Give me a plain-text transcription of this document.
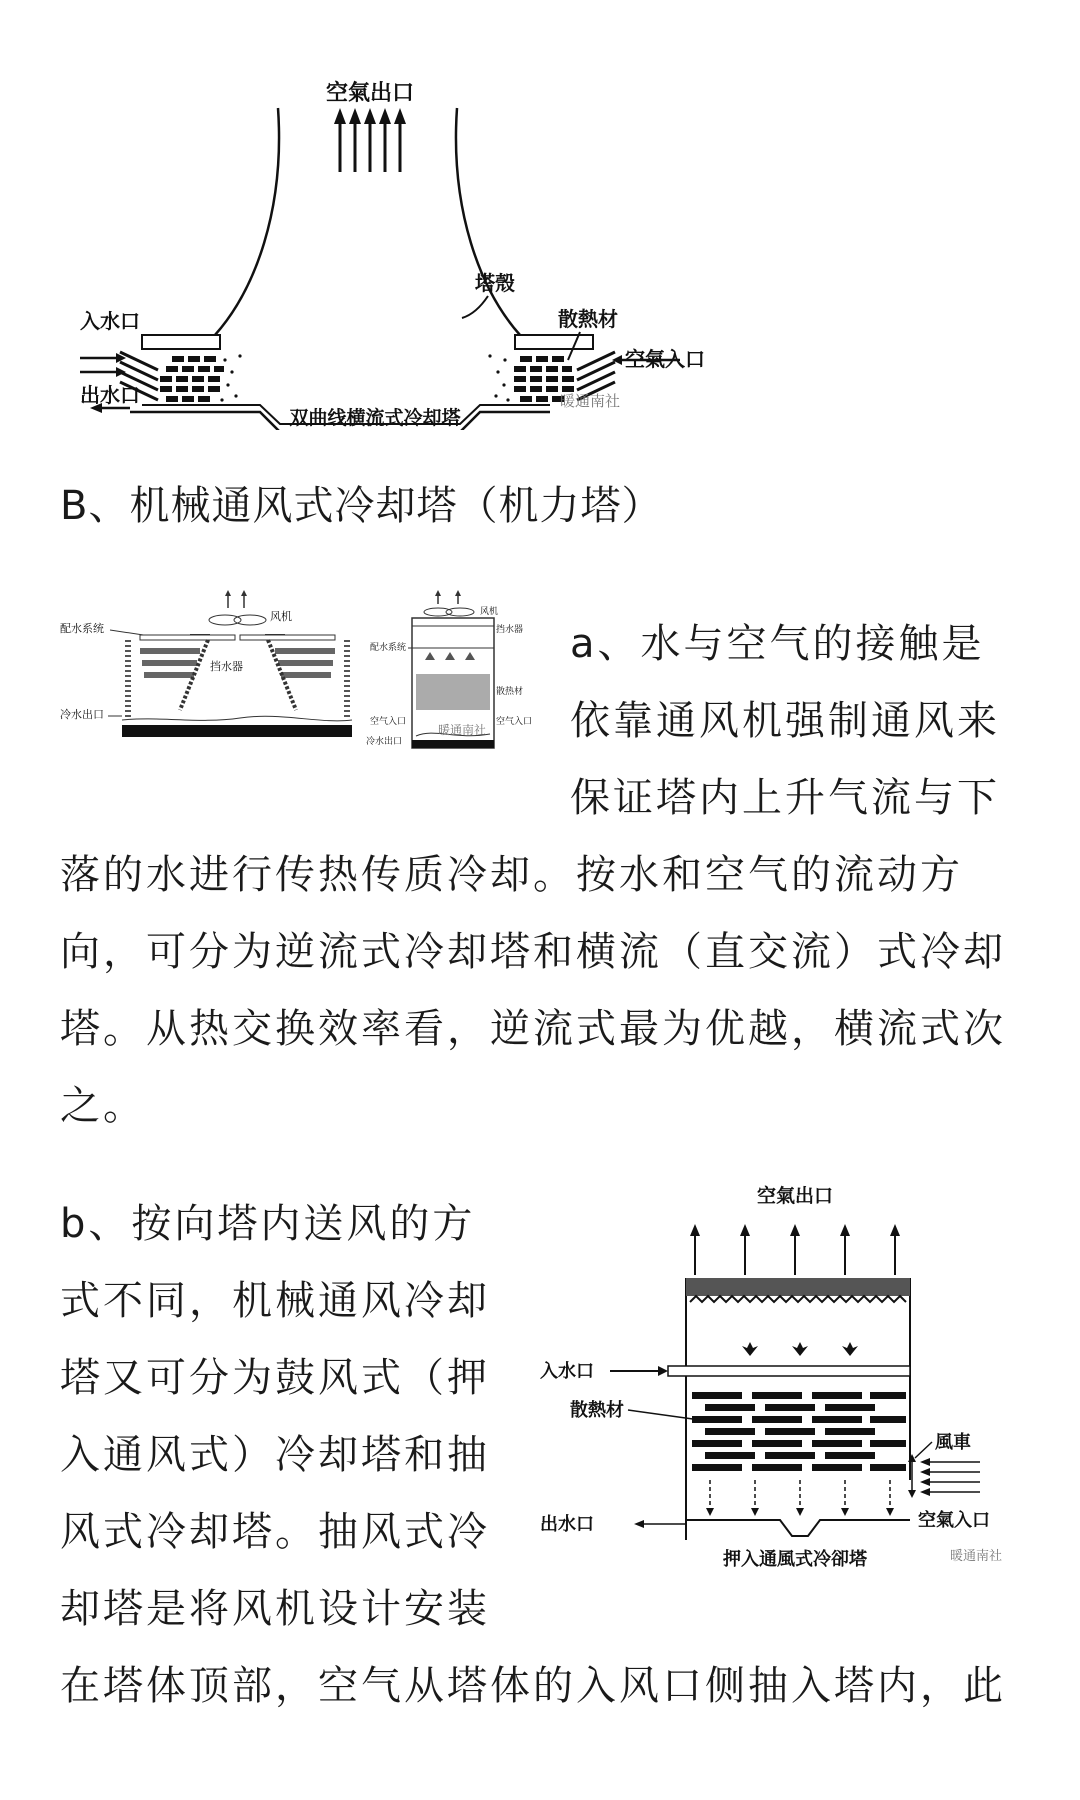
空氣出口
塔殼
入水口
出水口
散熱材
空氣入口
双曲线横流式冷却塔
暖通南社
B、机械通风式冷却塔（机力塔）
风机
配水系统
挡水器
冷水出口
风机
挡水器
配水系统
散热材
空气入口	空气入口
冷水出口
暖通南社
a、水与空气的接触是
依靠通风机强制通风来
保证塔内上升气流与下
落的水进行传热传质冷却。按水和空气的流动方
向，可分为逆流式冷却塔和横流（直交流）式冷却
塔。从热交换效率看，逆流式最为优越，横流式次
之。
空氣出口
入水口
散熱材
風車
空氣入口
出水口
押入通風式冷卻塔	暖通南社
b、按向塔内送风的方
式不同，机械通风冷却
塔又可分为鼓风式（押
入通风式）冷却塔和抽
风式冷却塔。抽风式冷
却塔是将风机设计安装
在塔体顶部，空气从塔体的入风口侧抽入塔内，此
